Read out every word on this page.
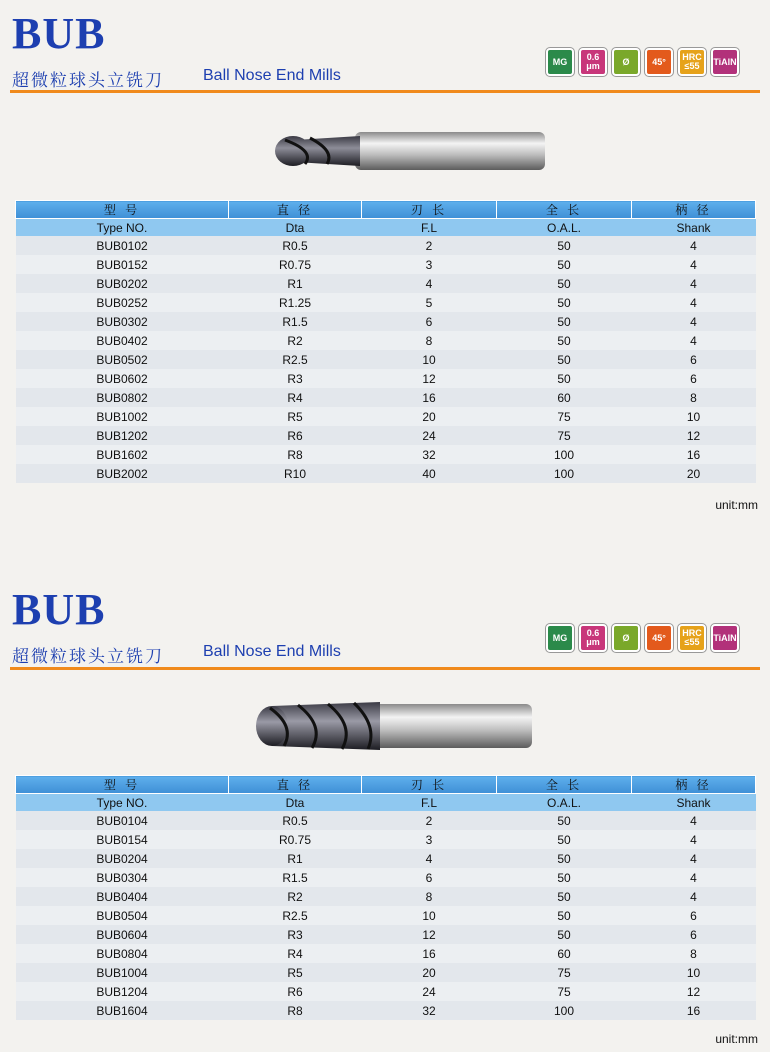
BUB
超微粒球头立铣刀 Ball Nose End Mills
MG	0.6 μm	Ø	45°	HRC ≤55	TiAlN
型 号	直 径	刃 长	全 长	柄 径
Type NO.	Dta	F.L	O.A.L.	Shank
BUB0102	R0.5	2	50	4
BUB0152	R0.75	3	50	4
BUB0202	R1	4	50	4
BUB0252	R1.25	5	50	4
BUB0302	R1.5	6	50	4
BUB0402	R2	8	50	4
BUB0502	R2.5	10	50	6
BUB0602	R3	12	50	6
BUB0802	R4	16	60	8
BUB1002	R5	20	75	10
BUB1202	R6	24	75	12
BUB1602	R8	32	100	16
BUB2002	R10	40	100	20
unit:mm
BUB
超微粒球头立铣刀 Ball Nose End Mills
MG	0.6 μm	Ø	45°	HRC ≤55	TiAlN
型 号	直 径	刃 长	全 长	柄 径
Type NO.	Dta	F.L	O.A.L.	Shank
BUB0104	R0.5	2	50	4
BUB0154	R0.75	3	50	4
BUB0204	R1	4	50	4
BUB0304	R1.5	6	50	4
BUB0404	R2	8	50	4
BUB0504	R2.5	10	50	6
BUB0604	R3	12	50	6
BUB0804	R4	16	60	8
BUB1004	R5	20	75	10
BUB1204	R6	24	75	12
BUB1604	R8	32	100	16
unit:mm
